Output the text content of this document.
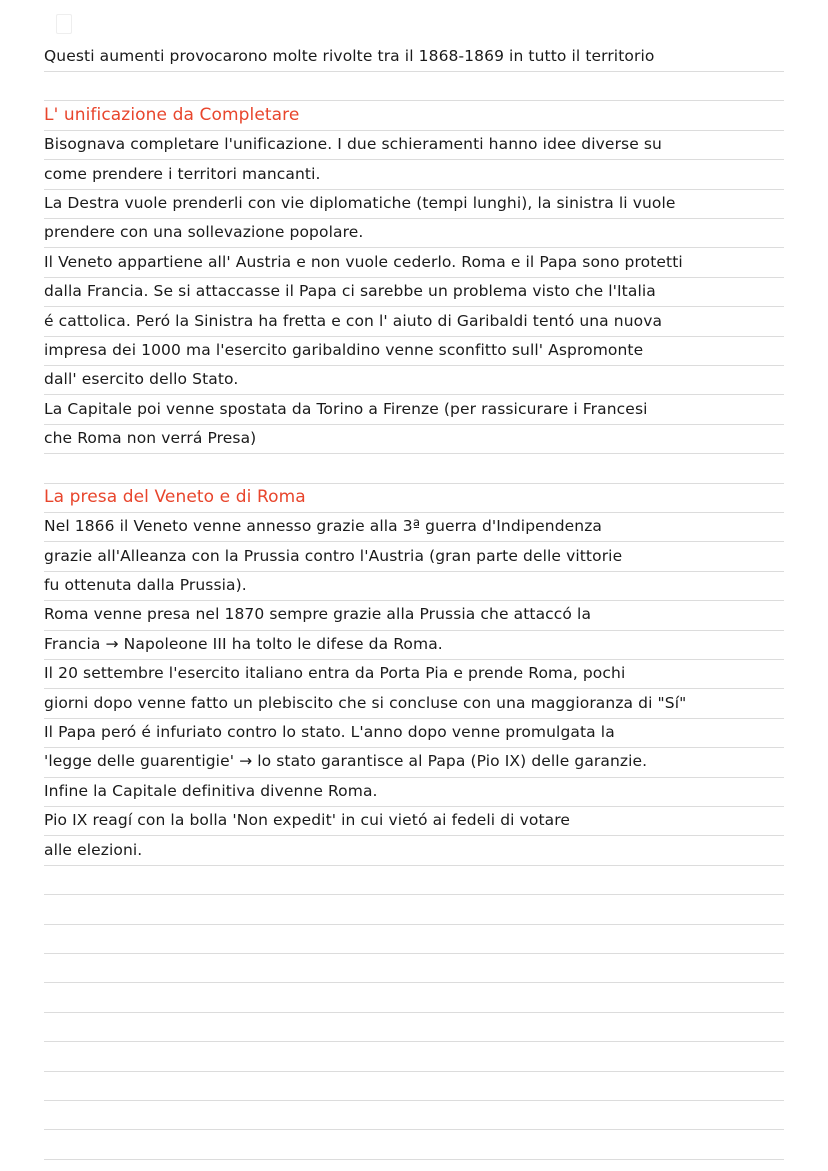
Questi aumenti provocarono molte rivolte tra il 1868-1869 in tutto il territorio
L' unificazione da Completare
Bisognava completare l'unificazione. I due schieramenti hanno idee diverse su
come prendere i territori mancanti.
La Destra vuole prenderli con vie diplomatiche (tempi lunghi), la sinistra li vuole
prendere con una sollevazione popolare.
Il Veneto appartiene all' Austria e non vuole cederlo. Roma e il Papa sono protetti
dalla Francia. Se si attaccasse il Papa ci sarebbe un problema visto che l'Italia
é cattolica. Peró la Sinistra ha fretta e con l' aiuto di Garibaldi tentó una nuova
impresa dei 1000 ma l'esercito garibaldino venne sconfitto sull' Aspromonte
dall' esercito dello Stato.
La Capitale poi venne spostata da Torino a Firenze (per rassicurare i Francesi
che Roma non verrá Presa)
La presa del Veneto e di Roma
Nel 1866 il Veneto venne annesso grazie alla 3ª guerra d'Indipendenza
grazie all'Alleanza con la Prussia contro l'Austria (gran parte delle vittorie
fu ottenuta dalla Prussia).
Roma venne presa nel 1870 sempre grazie alla Prussia che attaccó la
Francia → Napoleone III ha tolto le difese da Roma.
Il 20 settembre l'esercito italiano entra da Porta Pia e prende Roma, pochi
giorni dopo venne fatto un plebiscito che si concluse con una maggioranza di "Sí"
Il Papa peró é infuriato contro lo stato. L'anno dopo venne promulgata la
'legge delle guarentigie' → lo stato garantisce al Papa (Pio IX) delle garanzie.
Infine la Capitale definitiva divenne Roma.
Pio IX reagí con la bolla 'Non expedit' in cui vietó ai fedeli di votare
alle elezioni.
